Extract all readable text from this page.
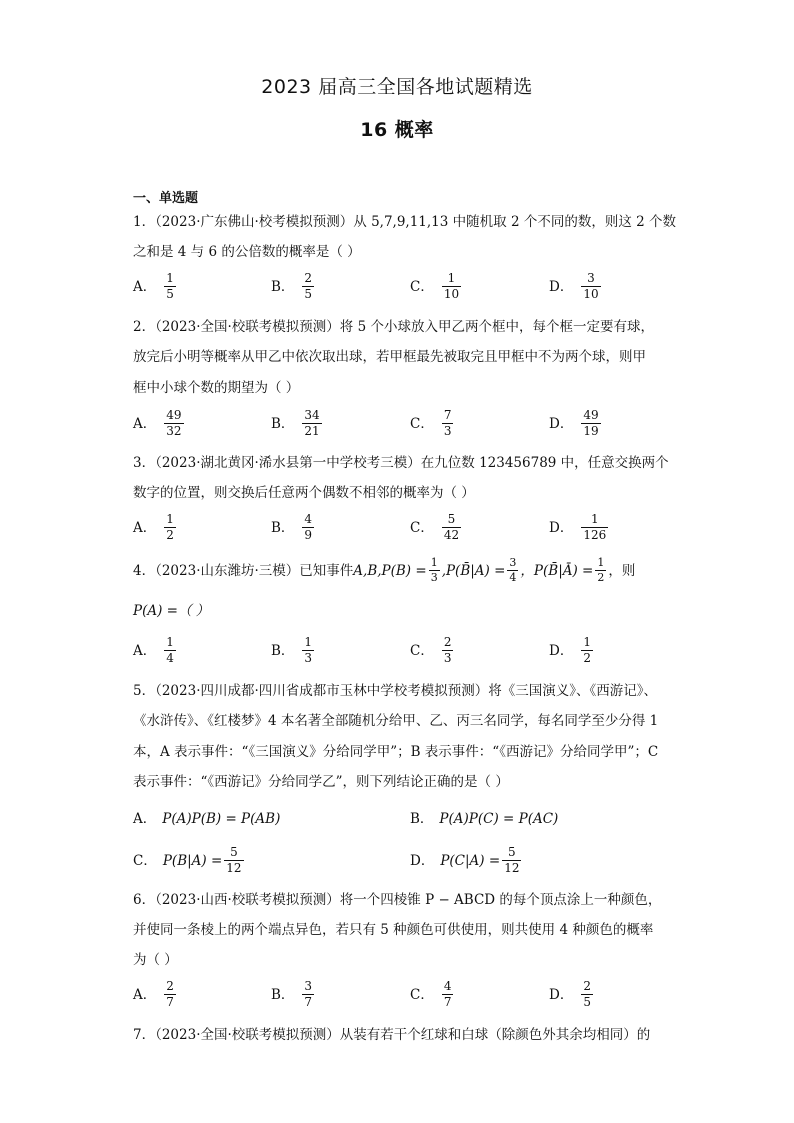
2023 届高三全国各地试题精选
16 概率
一、单选题
1．（2023·广东佛山·校考模拟预测）从 5,7,9,11,13 中随机取 2 个不同的数，则这 2 个数
之和是 4 与 6 的公倍数的概率是（ ）
A． $\frac{1}{5}$	B． $\frac{2}{5}$	C． $\frac{1}{10}$	D． $\frac{3}{10}$
2．（2023·全国·校联考模拟预测）将 5 个小球放入甲乙两个框中，每个框一定要有球，
放完后小明等概率从甲乙中依次取出球，若甲框最先被取完且甲框中不为两个球，则甲
框中小球个数的期望为（ ）
A． $\frac{49}{32}$	B． $\frac{34}{21}$	C． $\frac{7}{3}$	D． $\frac{49}{19}$
3．（2023·湖北黄冈·浠水县第一中学校考三模）在九位数 123456789 中，任意交换两个
数字的位置，则交换后任意两个偶数不相邻的概率为（ ）
A． $\frac{1}{2}$	B． $\frac{4}{9}$	C． $\frac{5}{42}$	D． $\frac{1}{126}$
4．（2023·山东潍坊·三模）已知事件 A,B $,P(B) = \frac{1}{3}$ ,P(B̄|A) = $\frac{3}{4}$ ，P(B̄|Ā) = $\frac{1}{2}$ ，则
P(A) =（ ）
A． $\frac{1}{4}$	B． $\frac{1}{3}$	C． $\frac{2}{3}$	D． $\frac{1}{2}$
5．（2023·四川成都·四川省成都市玉林中学校考模拟预测）将《三国演义》、《西游记》、
《水浒传》、《红楼梦》4 本名著全部随机分给甲、乙、丙三名同学，每名同学至少分得 1
本，A 表示事件：“《三国演义》分给同学甲”；B 表示事件：“《西游记》分给同学甲”；C
表示事件：“《西游记》分给同学乙”，则下列结论正确的是（ ）
A． P(A)P(B) = P(AB)	B． P(A)P(C) = P(AC)
C． $P(B|A) = \frac{5}{12}$	D． $P(C|A) = \frac{5}{12}$
6．（2023·山西·校联考模拟预测）将一个四棱锥 P − ABCD 的每个顶点涂上一种颜色，
并使同一条棱上的两个端点异色，若只有 5 种颜色可供使用，则共使用 4 种颜色的概率
为（ ）
A． $\frac{2}{7}$	B． $\frac{3}{7}$	C． $\frac{4}{7}$	D． $\frac{2}{5}$
7．（2023·全国·校联考模拟预测）从装有若干个红球和白球（除颜色外其余均相同）的
